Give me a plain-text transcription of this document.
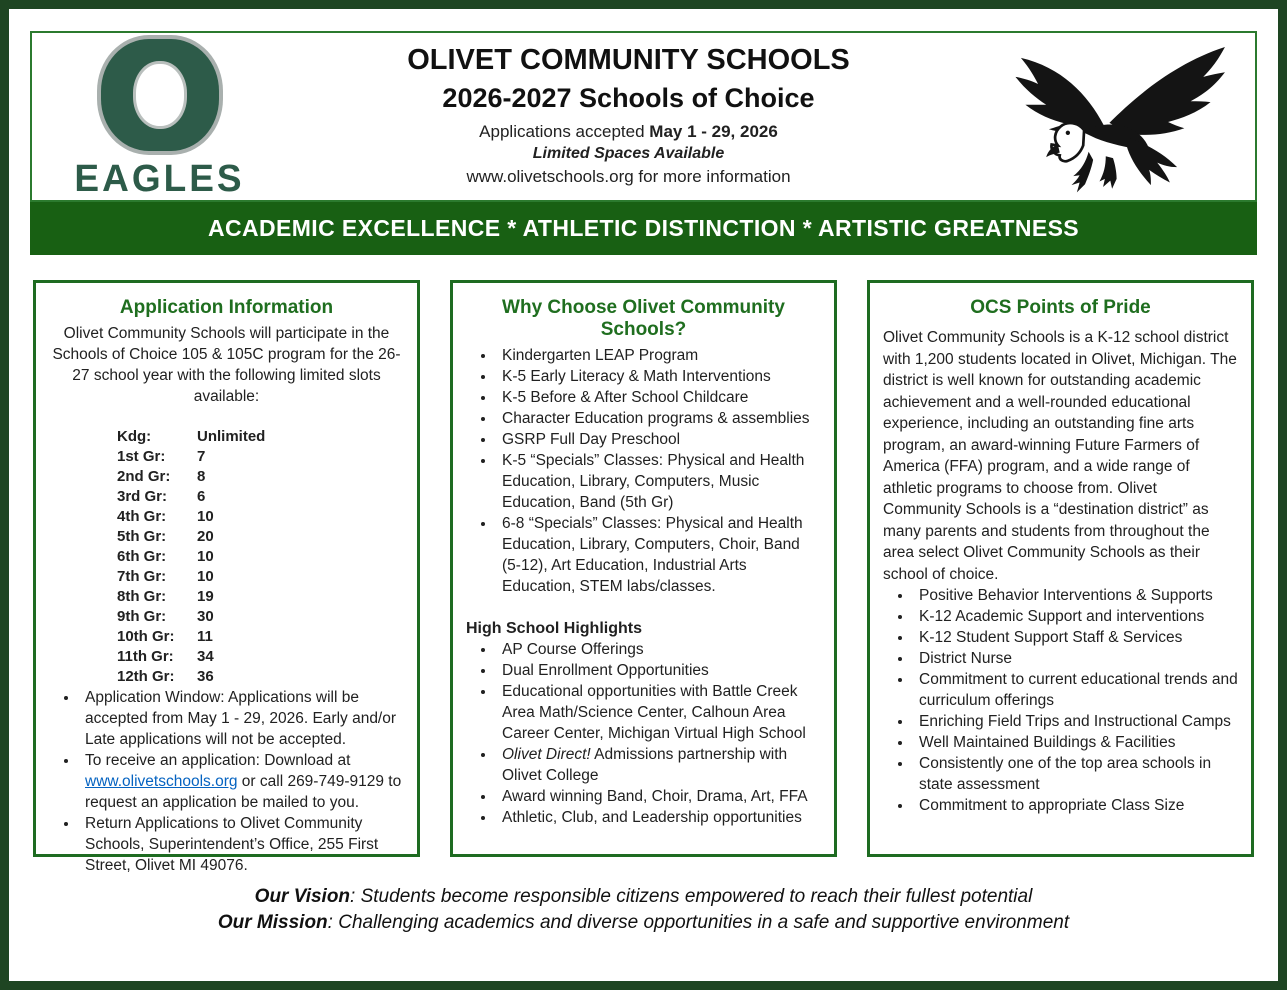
EAGLES
OLIVET COMMUNITY SCHOOLS
2026-2027 Schools of Choice
Applications accepted May 1 - 29, 2026
Limited Spaces Available
www.olivetschools.org for more information
ACADEMIC EXCELLENCE * ATHLETIC DISTINCTION * ARTISTIC GREATNESS
Application Information
Olivet Community Schools will participate in the Schools of Choice 105 & 105C program for the 26-27 school year with the following limited slots available:
Kdg:	Unlimited
1st Gr: 7
2nd Gr: 8
3rd Gr: 6
4th Gr: 10
5th Gr: 20
6th Gr: 10
7th Gr: 10
8th Gr: 19
9th Gr: 30
10th Gr: 11
11th Gr: 34
12th Gr: 36
• Application Window: Applications will be accepted from May 1 - 29, 2026. Early and/or Late applications will not be accepted.
• To receive an application: Download at www.olivetschools.org or call 269-749-9129 to request an application be mailed to you.
• Return Applications to Olivet Community Schools, Superintendent’s Office, 255 First Street, Olivet MI 49076.
Why Choose Olivet Community Schools?
• Kindergarten LEAP Program
• K-5 Early Literacy & Math Interventions
• K-5 Before & After School Childcare
• Character Education programs & assemblies
• GSRP Full Day Preschool
• K-5 “Specials” Classes: Physical and Health Education, Library, Computers, Music Education, Band (5th Gr)
• 6-8 “Specials” Classes: Physical and Health Education, Library, Computers, Choir, Band (5-12), Art Education, Industrial Arts Education, STEM labs/classes.
High School Highlights
• AP Course Offerings
• Dual Enrollment Opportunities
• Educational opportunities with Battle Creek Area Math/Science Center, Calhoun Area Career Center, Michigan Virtual High School
• Olivet Direct! Admissions partnership with Olivet College
• Award winning Band, Choir, Drama, Art, FFA
• Athletic, Club, and Leadership opportunities
OCS Points of Pride
Olivet Community Schools is a K-12 school district with 1,200 students located in Olivet, Michigan. The district is well known for outstanding academic achievement and a well-rounded educational experience, including an outstanding fine arts program, an award-winning Future Farmers of America (FFA) program, and a wide range of athletic programs to choose from. Olivet Community Schools is a “destination district” as many parents and students from throughout the area select Olivet Community Schools as their school of choice.
• Positive Behavior Interventions & Supports
• K-12 Academic Support and interventions
• K-12 Student Support Staff & Services
• District Nurse
• Commitment to current educational trends and curriculum offerings
• Enriching Field Trips and Instructional Camps
• Well Maintained Buildings & Facilities
• Consistently one of the top area schools in state assessment
• Commitment to appropriate Class Size
Our Vision: Students become responsible citizens empowered to reach their fullest potential
Our Mission: Challenging academics and diverse opportunities in a safe and supportive environment
